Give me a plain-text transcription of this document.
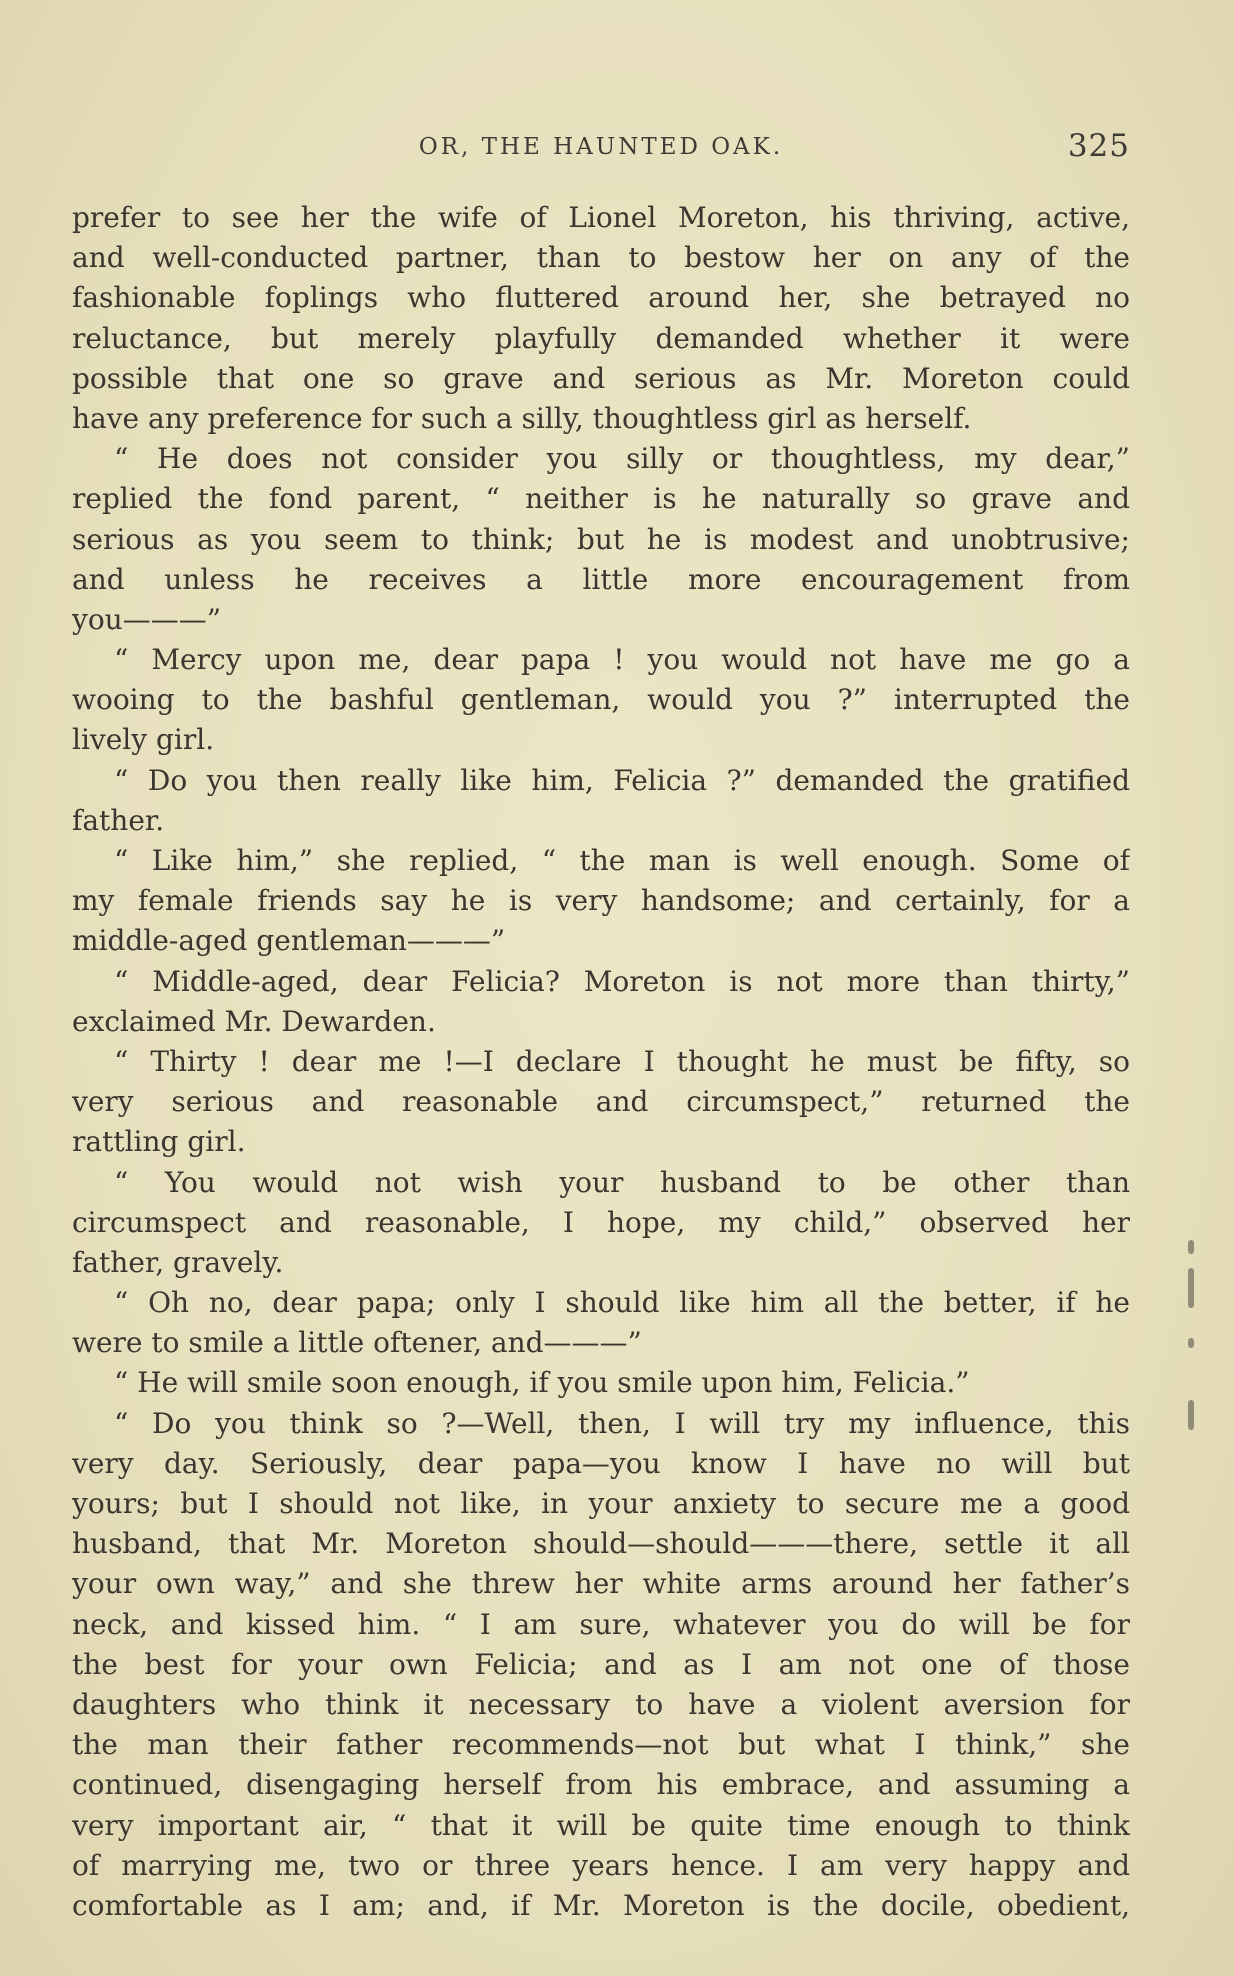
OR, THE HAUNTED OAK.	325
prefer to see her the wife of Lionel Moreton, his thriving, active,
and well-conducted partner, than to bestow her on any of the
fashionable foplings who fluttered around her, she betrayed no
reluctance, but merely playfully demanded whether it were
possible that one so grave and serious as Mr. Moreton could
have any preference for such a silly, thoughtless girl as herself.
“ He does not consider you silly or thoughtless, my dear,”
replied the fond parent, “ neither is he naturally so grave and
serious as you seem to think; but he is modest and unobtrusive;
and unless he receives a little more encouragement from
you———”
“ Mercy upon me, dear papa ! you would not have me go a
wooing to the bashful gentleman, would you ?” interrupted the
lively girl.
“ Do you then really like him, Felicia ?” demanded the gratified
father.
“ Like him,” she replied, “ the man is well enough. Some of
my female friends say he is very handsome; and certainly, for a
middle-aged gentleman———”
“ Middle-aged, dear Felicia? Moreton is not more than thirty,”
exclaimed Mr. Dewarden.
“ Thirty ! dear me !—I declare I thought he must be fifty, so
very serious and reasonable and circumspect,” returned the
rattling girl.
“ You would not wish your husband to be other than
circumspect and reasonable, I hope, my child,” observed her
father, gravely.
“ Oh no, dear papa; only I should like him all the better, if he
were to smile a little oftener, and———”
“ He will smile soon enough, if you smile upon him, Felicia.”
“ Do you think so ?—Well, then, I will try my influence, this
very day. Seriously, dear papa—you know I have no will but
yours; but I should not like, in your anxiety to secure me a good
husband, that Mr. Moreton should—should———there, settle it all
your own way,” and she threw her white arms around her father’s
neck, and kissed him. “ I am sure, whatever you do will be for
the best for your own Felicia; and as I am not one of those
daughters who think it necessary to have a violent aversion for
the man their father recommends—not but what I think,” she
continued, disengaging herself from his embrace, and assuming a
very important air, “ that it will be quite time enough to think
of marrying me, two or three years hence. I am very happy and
comfortable as I am; and, if Mr. Moreton is the docile, obedient,
